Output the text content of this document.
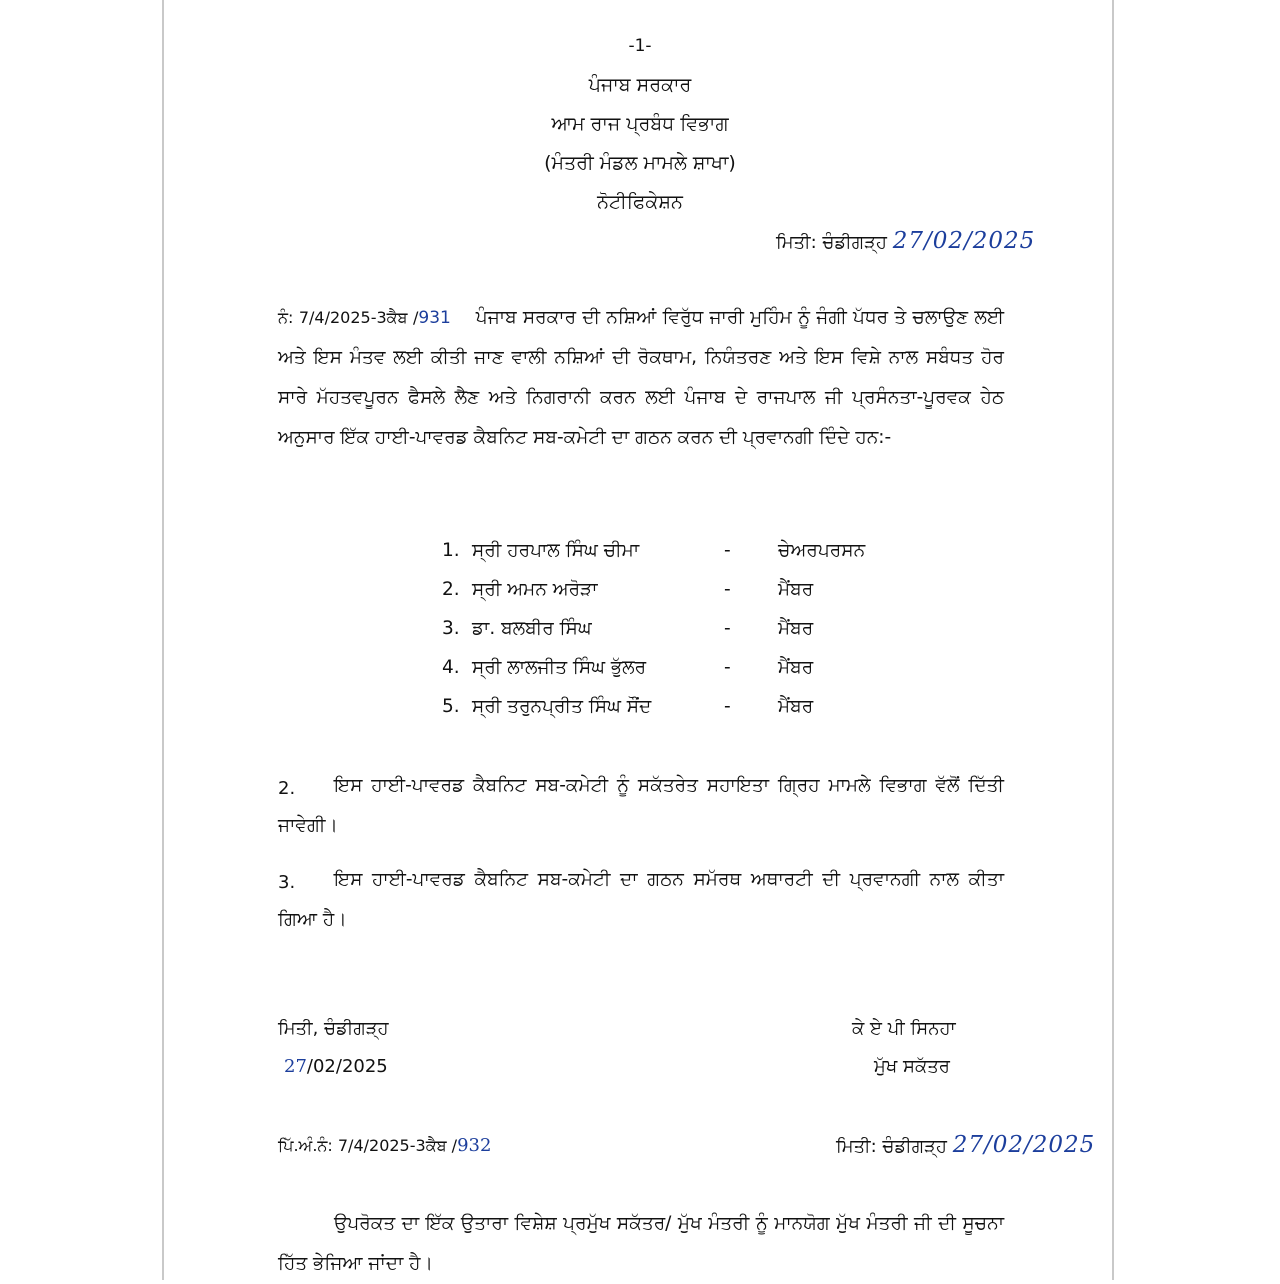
-1-
ਪੰਜਾਬ ਸਰਕਾਰ
ਆਮ ਰਾਜ ਪ੍ਰਬੰਧ ਵਿਭਾਗ
(ਮੰਤਰੀ ਮੰਡਲ ਮਾਮਲੇ ਸ਼ਾਖਾ)
ਨੋਟੀਫਿਕੇਸ਼ਨ
ਮਿਤੀ: ਚੰਡੀਗੜ੍ਹ 27/02/2025
ਨੰ: 7/4/2025-3ਕੈਬ /931 ਪੰਜਾਬ ਸਰਕਾਰ ਦੀ ਨਸ਼ਿਆਂ ਵਿਰੁੱਧ ਜਾਰੀ ਮੁਹਿੰਮ ਨੂੰ ਜੰਗੀ ਪੱਧਰ ਤੇ ਚਲਾਉਣ ਲਈ ਅਤੇ ਇਸ ਮੰਤਵ ਲਈ ਕੀਤੀ ਜਾਣ ਵਾਲੀ ਨਸ਼ਿਆਂ ਦੀ ਰੋਕਥਾਮ, ਨਿਯੰਤਰਣ ਅਤੇ ਇਸ ਵਿਸ਼ੇ ਨਾਲ ਸਬੰਧਤ ਹੋਰ ਸਾਰੇ ਮੱਹਤਵਪੂਰਨ ਫੈਸਲੇ ਲੈਣ ਅਤੇ ਨਿਗਰਾਨੀ ਕਰਨ ਲਈ ਪੰਜਾਬ ਦੇ ਰਾਜਪਾਲ ਜੀ ਪ੍ਰਸੰਨਤਾ-ਪੂਰਵਕ ਹੇਠ ਅਨੁਸਾਰ ਇੱਕ ਹਾਈ-ਪਾਵਰਡ ਕੈਬਨਿਟ ਸਬ-ਕਮੇਟੀ ਦਾ ਗਠਨ ਕਰਨ ਦੀ ਪ੍ਰਵਾਨਗੀ ਦਿੰਦੇ ਹਨ:-
1. ਸ੍ਰੀ ਹਰਪਾਲ ਸਿੰਘ ਚੀਮਾ	-	ਚੇਅਰਪਰਸਨ
2. ਸ੍ਰੀ ਅਮਨ ਅਰੋੜਾ	-	ਮੈਂਬਰ
3. ਡਾ. ਬਲਬੀਰ ਸਿੰਘ	-	ਮੈਂਬਰ
4. ਸ੍ਰੀ ਲਾਲਜੀਤ ਸਿੰਘ ਭੁੱਲਰ	-	ਮੈਂਬਰ
5. ਸ੍ਰੀ ਤਰੁਨਪ੍ਰੀਤ ਸਿੰਘ ਸੌਂਦ	-	ਮੈਂਬਰ
2.	ਇਸ ਹਾਈ-ਪਾਵਰਡ ਕੈਬਨਿਟ ਸਬ-ਕਮੇਟੀ ਨੂੰ ਸਕੱਤਰੇਤ ਸਹਾਇਤਾ ਗ੍ਰਿਹ ਮਾਮਲੇ ਵਿਭਾਗ ਵੱਲੋਂ ਦਿੱਤੀ ਜਾਵੇਗੀ।
3.	ਇਸ ਹਾਈ-ਪਾਵਰਡ ਕੈਬਨਿਟ ਸਬ-ਕਮੇਟੀ ਦਾ ਗਠਨ ਸਮੱਰਥ ਅਥਾਰਟੀ ਦੀ ਪ੍ਰਵਾਨਗੀ ਨਾਲ ਕੀਤਾ ਗਿਆ ਹੈ।
ਮਿਤੀ, ਚੰਡੀਗੜ੍ਹ
27/02/2025
ਕੇ ਏ ਪੀ ਸਿਨਹਾ
ਮੁੱਖ ਸਕੱਤਰ
ਪਿੱ.ਅੰ.ਨੰ: 7/4/2025-3ਕੈਬ /932	ਮਿਤੀ: ਚੰਡੀਗੜ੍ਹ 27/02/2025
ਉਪਰੋਕਤ ਦਾ ਇੱਕ ਉਤਾਰਾ ਵਿਸ਼ੇਸ਼ ਪ੍ਰਮੁੱਖ ਸਕੱਤਰ/ ਮੁੱਖ ਮੰਤਰੀ ਨੂੰ ਮਾਨਯੋਗ ਮੁੱਖ ਮੰਤਰੀ ਜੀ ਦੀ ਸੂਚਨਾ ਹਿੱਤ ਭੇਜਿਆ ਜਾਂਦਾ ਹੈ।
